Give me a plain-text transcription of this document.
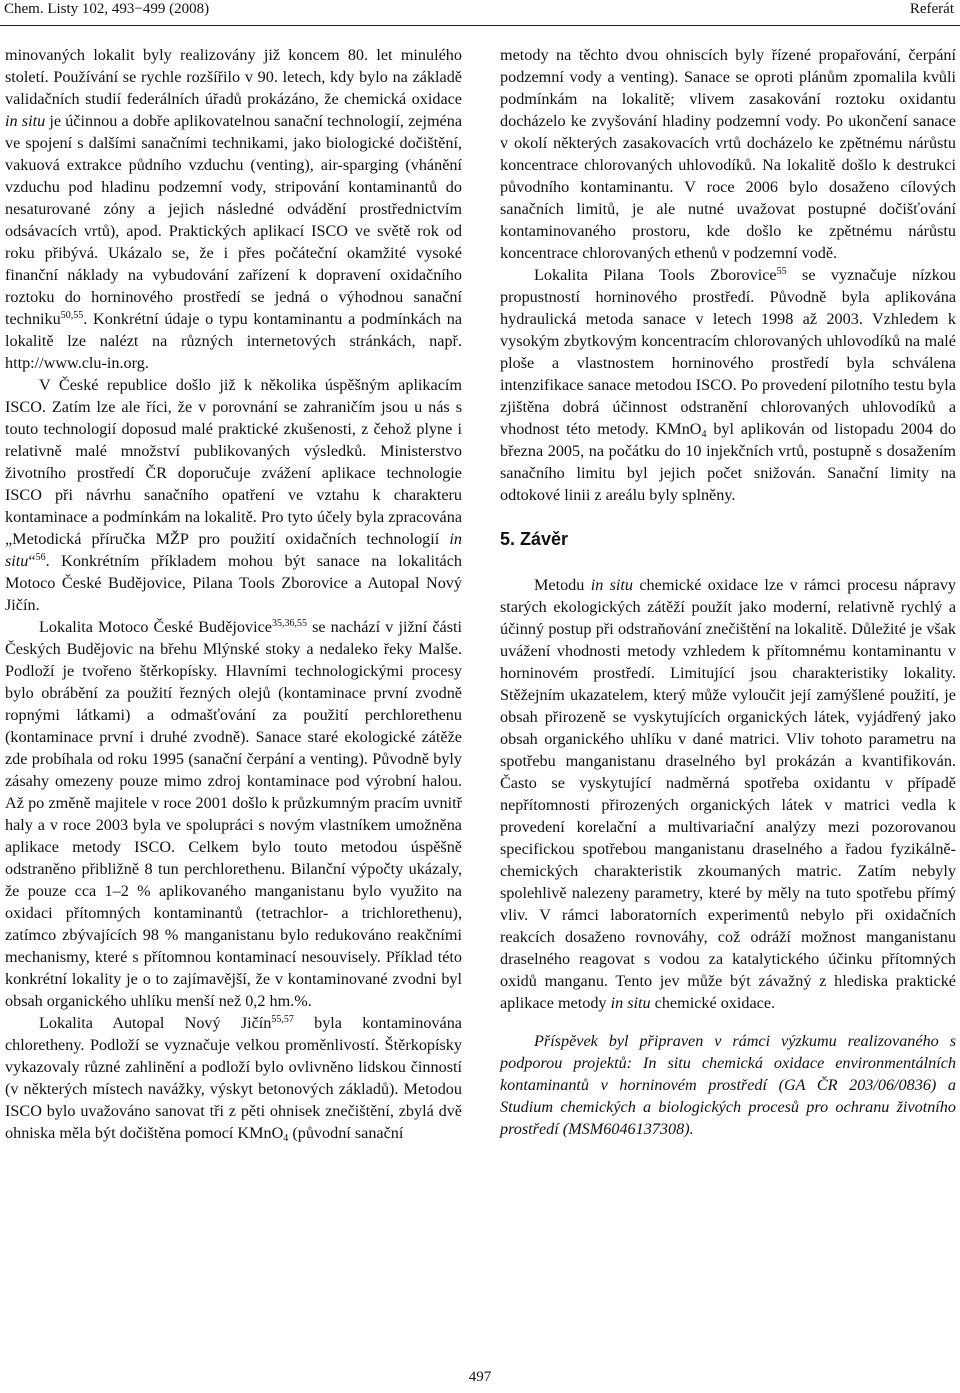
Chem. Listy 102, 493−499 (2008)	Referát

minovaných lokalit byly realizovány již koncem 80. let minulého století. Používání se rychle rozšířilo v 90. letech, kdy bylo na základě validačních studií federálních úřadů prokázáno, že chemická oxidace in situ je účinnou a dobře aplikovatelnou sanační technologií, zejména ve spojení s dalšími sanačními technikami, jako biologické dočištění, vakuová extrakce půdního vzduchu (venting), air-sparging (vhánění vzduchu pod hladinu podzemní vody, stripování kontaminantů do nesaturované zóny a jejich následné odvádění prostřednictvím odsávacích vrtů), apod. Praktických aplikací ISCO ve světě rok od roku přibývá. Ukázalo se, že i přes počáteční okamžité vysoké finanční náklady na vybudování zařízení k dopravení oxidačního roztoku do horninového prostředí se jedná o výhodnou sanační techniku$^{50,55}$. Konkrétní údaje o typu kontaminantu a podmínkách na lokalitě lze nalézt na různých internetových stránkách, např. http://www.clu-in.org.

V České republice došlo již k několika úspěšným aplikacím ISCO. Zatím lze ale říci, že v porovnání se zahraničím jsou u nás s touto technologií doposud malé praktické zkušenosti, z čehož plyne i relativně malé množství publikovaných výsledků. Ministerstvo životního prostředí ČR doporučuje zvážení aplikace technologie ISCO při návrhu sanačního opatření ve vztahu k charakteru kontaminace a podmínkám na lokalitě. Pro tyto účely byla zpracována „Metodická příručka MŽP pro použití oxidačních technologií in situ“$^{56}$. Konkrétním příkladem mohou být sanace na lokalitách Motoco České Budějovice, Pilana Tools Zborovice a Autopal Nový Jičín.

Lokalita Motoco České Budějovice$^{35,36,55}$ se nachází v jižní části Českých Budějovic na břehu Mlýnské stoky a nedaleko řeky Malše. Podloží je tvořeno štěrkopísky. Hlavními technologickými procesy bylo obrábění za použití řezných olejů (kontaminace první zvodně ropnými látkami) a odmašťování za použití perchlorethenu (kontaminace první i druhé zvodně). Sanace staré ekologické zátěže zde probíhala od roku 1995 (sanační čerpání a venting). Původně byly zásahy omezeny pouze mimo zdroj kontaminace pod výrobní halou. Až po změně majitele v roce 2001 došlo k průzkumným pracím uvnitř haly a v roce 2003 byla ve spolupráci s novým vlastníkem umožněna aplikace metody ISCO. Celkem bylo touto metodou úspěšně odstraněno přibližně 8 tun perchlorethenu. Bilanční výpočty ukázaly, že pouze cca 1–2 % aplikovaného manganistanu bylo využito na oxidaci přítomných kontaminantů (tetrachlor- a trichlorethenu), zatímco zbývajících 98 % manganistanu bylo redukováno reakčními mechanismy, které s přítomnou kontaminací nesouvisely. Příklad této konkrétní lokality je o to zajímavější, že v kontaminované zvodni byl obsah organického uhlíku menší než 0,2 hm.%.

Lokalita Autopal Nový Jičín$^{55,57}$ byla kontaminována chloretheny. Podloží se vyznačuje velkou proměnlivostí. Štěrkopísky vykazovaly různé zahlinění a podloží bylo ovlivněno lidskou činností (v některých místech navážky, výskyt betonových základů). Metodou ISCO bylo uvažováno sanovat tři z pěti ohnisek znečištění, zbylá dvě ohniska měla být dočištěna pomocí KMnO$_4$ (původní sanační

metody na těchto dvou ohniscích byly řízené propařování, čerpání podzemní vody a venting). Sanace se oproti plánům zpomalila kvůli podmínkám na lokalitě; vlivem zasakování roztoku oxidantu docházelo ke zvyšování hladiny podzemní vody. Po ukončení sanace v okolí některých zasakovacích vrtů docházelo ke zpětnému nárůstu koncentrace chlorovaných uhlovodíků. Na lokalitě došlo k destrukci původního kontaminantu. V roce 2006 bylo dosaženo cílových sanačních limitů, je ale nutné uvažovat postupné dočišťování kontaminovaného prostoru, kde došlo ke zpětnému nárůstu koncentrace chlorovaných ethenů v podzemní vodě.

Lokalita Pilana Tools Zborovice$^{55}$ se vyznačuje nízkou propustností horninového prostředí. Původně byla aplikována hydraulická metoda sanace v letech 1998 až 2003. Vzhledem k vysokým zbytkovým koncentracím chlorovaných uhlovodíků na malé ploše a vlastnostem horninového prostředí byla schválena intenzifikace sanace metodou ISCO. Po provedení pilotního testu byla zjištěna dobrá účinnost odstranění chlorovaných uhlovodíků a vhodnost této metody. KMnO$_4$ byl aplikován od listopadu 2004 do března 2005, na počátku do 10 injekčních vrtů, postupně s dosažením sanačního limitu byl jejich počet snižován. Sanační limity na odtokové linii z areálu byly splněny.

5. Závěr

Metodu in situ chemické oxidace lze v rámci procesu nápravy starých ekologických zátěží použít jako moderní, relativně rychlý a účinný postup při odstraňování znečištění na lokalitě. Důležité je však uvážení vhodnosti metody vzhledem k přítomnému kontaminantu v horninovém prostředí. Limitující jsou charakteristiky lokality. Stěžejním ukazatelem, který může vyloučit její zamýšlené použití, je obsah přirozeně se vyskytujících organických látek, vyjádřený jako obsah organického uhlíku v dané matrici. Vliv tohoto parametru na spotřebu manganistanu draselného byl prokázán a kvantifikován. Často se vyskytující nadměrná spotřeba oxidantu v případě nepřítomnosti přirozených organických látek v matrici vedla k provedení korelační a multivariační analýzy mezi pozorovanou specifickou spotřebou manganistanu draselného a řadou fyzikálně-chemických charakteristik zkoumaných matric. Zatím nebyly spolehlivě nalezeny parametry, které by měly na tuto spotřebu přímý vliv. V rámci laboratorních experimentů nebylo při oxidačních reakcích dosaženo rovnováhy, což odráží možnost manganistanu draselného reagovat s vodou za katalytického účinku přítomných oxidů manganu. Tento jev může být závažný z hlediska praktické aplikace metody in situ chemické oxidace.

Příspěvek byl připraven v rámci výzkumu realizovaného s podporou projektů: In situ chemická oxidace environmentálních kontaminantů v horninovém prostředí (GA ČR 203/06/0836) a Studium chemických a biologických procesů pro ochranu životního prostředí (MSM6046137308).

497
